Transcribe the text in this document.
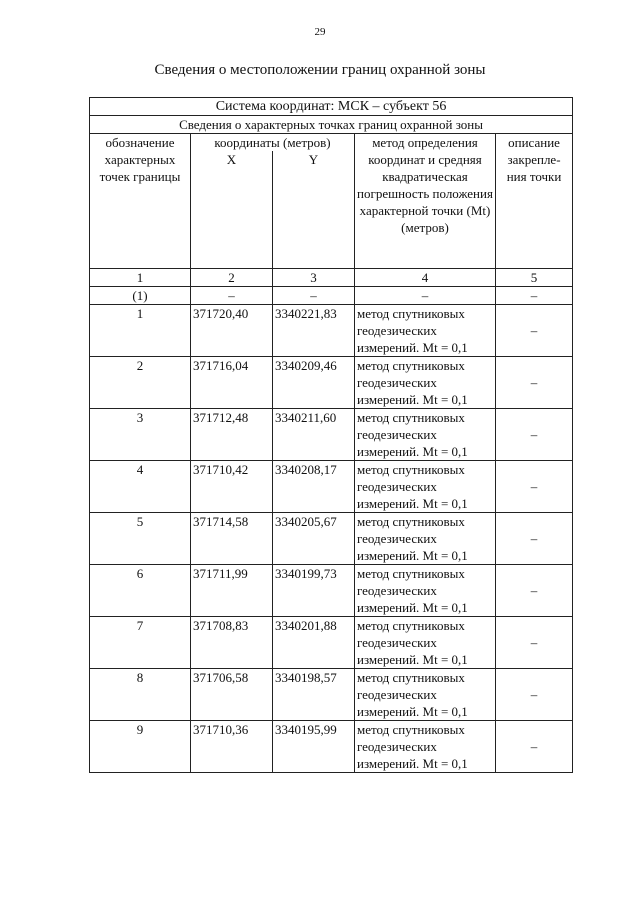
29
Сведения о местоположении границ охранной зоны
Система координат: МСК – субъект 56				
Сведения о характерных точках границ охранной зоны				
обозначение характерных точек границы	координаты (метров)		метод определения координат и средняя квадратическая погрешность положения характерной точки (Mt) (метров)	описание закрепле-ния точки
	X	Y		
1	2	3	4	5
(1)	–	–	–	–
1	371720,40	3340221,83	метод спутниковых геодезических измерений. Mt = 0,1	–
2	371716,04	3340209,46	метод спутниковых геодезических измерений. Mt = 0,1	–
3	371712,48	3340211,60	метод спутниковых геодезических измерений. Mt = 0,1	–
4	371710,42	3340208,17	метод спутниковых геодезических измерений. Mt = 0,1	–
5	371714,58	3340205,67	метод спутниковых геодезических измерений. Mt = 0,1	–
6	371711,99	3340199,73	метод спутниковых геодезических измерений. Mt = 0,1	–
7	371708,83	3340201,88	метод спутниковых геодезических измерений. Mt = 0,1	–
8	371706,58	3340198,57	метод спутниковых геодезических измерений. Mt = 0,1	–
9	371710,36	3340195,99	метод спутниковых геодезических измерений. Mt = 0,1	–
